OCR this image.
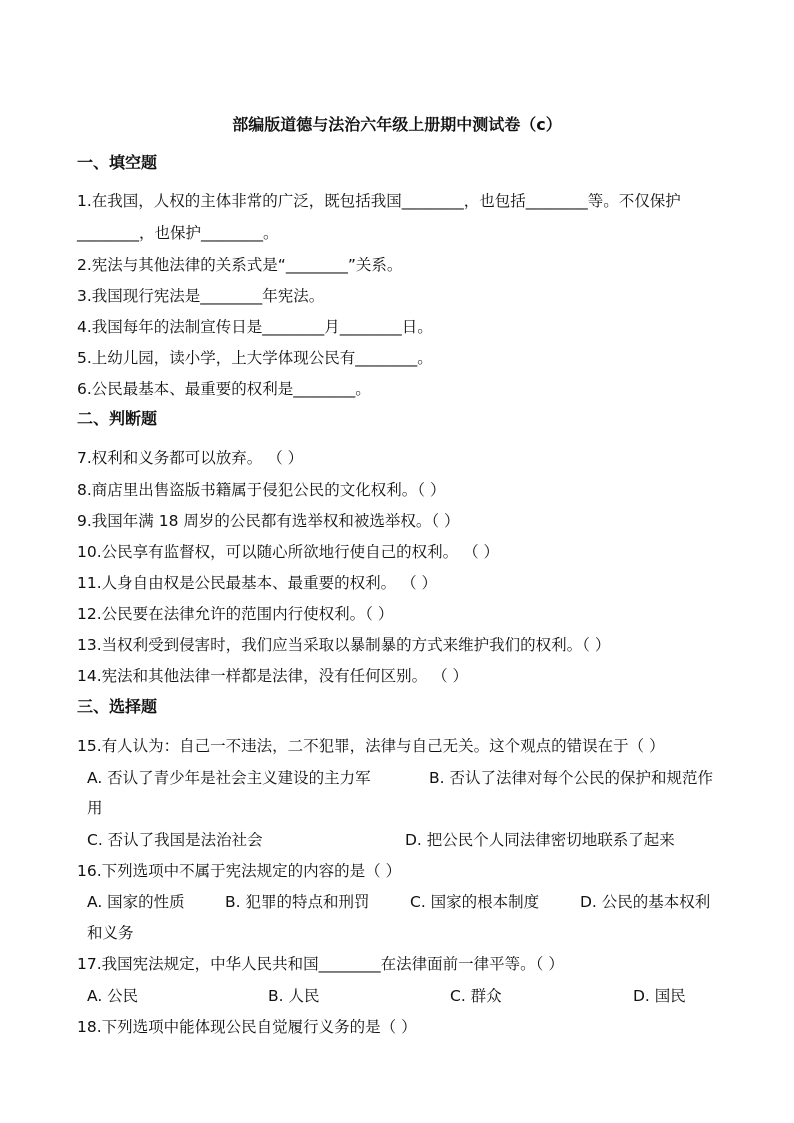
部编版道德与法治六年级上册期中测试卷（c）
一、填空题
1.在我国，人权的主体非常的广泛，既包括我国________，也包括________等。不仅保护
________，也保护________。
2.宪法与其他法律的关系式是“________”关系。
3.我国现行宪法是________年宪法。
4.我国每年的法制宣传日是________月________日。
5.上幼儿园，读小学，上大学体现公民有________。
6.公民最基本、最重要的权利是________。
二、判断题
7.权利和义务都可以放弃。 （ ）
8.商店里出售盗版书籍属于侵犯公民的文化权利。（ ）
9.我国年满 18 周岁的公民都有选举权和被选举权。（ ）
10.公民享有监督权，可以随心所欲地行使自己的权利。 （ ）
11.人身自由权是公民最基本、最重要的权利。 （ ）
12.公民要在法律允许的范围内行使权利。（ ）
13.当权利受到侵害时，我们应当采取以暴制暴的方式来维护我们的权利。（ ）
14.宪法和其他法律一样都是法律，没有任何区别。 （ ）
三、选择题
15.有人认为：自己一不违法，二不犯罪，法律与自己无关。这个观点的错误在于（ ）
A. 否认了青少年是社会主义建设的主力军	B. 否认了法律对每个公民的保护和规范作
用
C. 否认了我国是法治社会	D. 把公民个人同法律密切地联系了起来
16.下列选项中不属于宪法规定的内容的是（ ）
A. 国家的性质	B. 犯罪的特点和刑罚	C. 国家的根本制度	D. 公民的基本权利
和义务
17.我国宪法规定，中华人民共和国________在法律面前一律平等。（ ）
A. 公民	B. 人民	C. 群众	D. 国民
18.下列选项中能体现公民自觉履行义务的是（ ）
